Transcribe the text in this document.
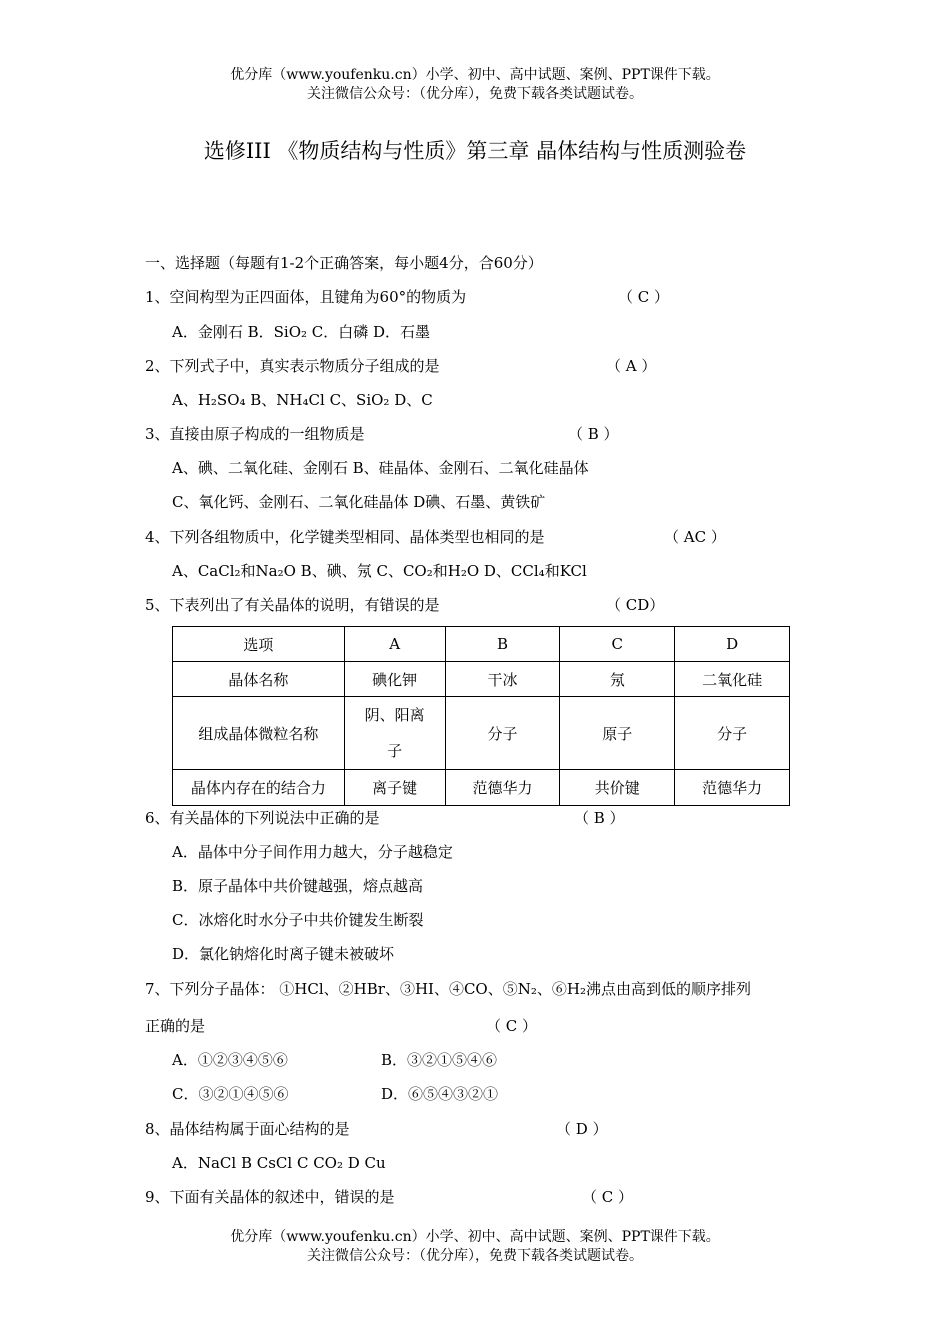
优分库（www.youfenku.cn）小学、初中、高中试题、案例、PPT课件下载。
关注微信公众号：（优分库），免费下载各类试题试卷。
选修III 《物质结构与性质》第三章 晶体结构与性质测验卷
一、选择题（每题有1-2个正确答案，每小题4分，合60分）
1、空间构型为正四面体，且键角为60°的物质为	（ C ）
A．金刚石 B．SiO₂ C．白磷 D．石墨
2、下列式子中，真实表示物质分子组成的是	（ A ）
A、H₂SO₄ B、NH₄Cl C、SiO₂ D、C
3、直接由原子构成的一组物质是	（ B ）
A、碘、二氧化硅、金刚石 B、硅晶体、金刚石、二氧化硅晶体
C、氧化钙、金刚石、二氧化硅晶体 D碘、石墨、黄铁矿
4、下列各组物质中，化学键类型相同、晶体类型也相同的是	（ AC ）
A、CaCl₂和Na₂O B、碘、氖 C、CO₂和H₂O D、CCl₄和KCl
5、下表列出了有关晶体的说明，有错误的是	（ CD）
选项	A	B	C	D
晶体名称	碘化钾	干冰	氖	二氧化硅
组成晶体微粒名称	阴、阳离子	分子	原子	分子
晶体内存在的结合力	离子键	范德华力	共价键	范德华力
6、有关晶体的下列说法中正确的是	（ B ）
A．晶体中分子间作用力越大，分子越稳定
B．原子晶体中共价键越强，熔点越高
C．冰熔化时水分子中共价键发生断裂
D．氯化钠熔化时离子键未被破坏
7、下列分子晶体： ①HCl、②HBr、③HI、④CO、⑤N₂、⑥H₂沸点由高到低的顺序排列
正确的是	（ C ）
A．①②③④⑤⑥	B．③②①⑤④⑥
C．③②①④⑤⑥	D．⑥⑤④③②①
8、晶体结构属于面心结构的是	（ D ）
A．NaCl B CsCl C CO₂ D Cu
9、下面有关晶体的叙述中，错误的是	（ C ）
优分库（www.youfenku.cn）小学、初中、高中试题、案例、PPT课件下载。
关注微信公众号：（优分库），免费下载各类试题试卷。
